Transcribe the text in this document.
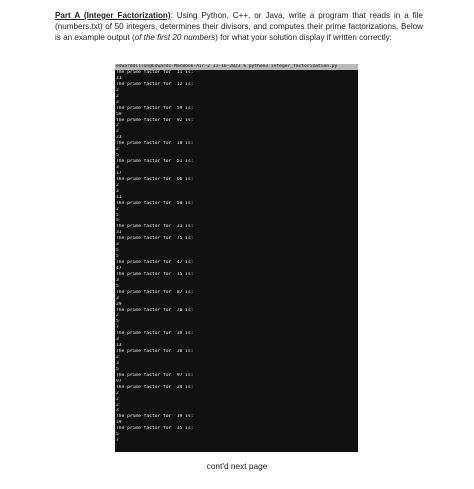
Part A (Integer Factorization): Using Python, C++, or Java, write a program that reads in a file (numbers.txt) of 50 integers, determines their divisors, and computes their prime factorizations. Below is an example output (of the first 20 numbers) for what your solution display if written correctly:

edwarddillon@Edwards-MacBook-Air-2 11-16-2023 % python3 integer_factorization.py
The prime factor for  11 is:
11
The prime factor for  12 is:
2
2
3
The prime factor for  59 is:
59
The prime factor for  92 is:
2
2
23
The prime factor for  10 is:
2
5
The prime factor for  51 is:
3
17
The prime factor for  66 is:
2
3
11
The prime factor for  50 is:
2
5
5
The prime factor for  31 is:
31
The prime factor for  75 is:
3
5
5
The prime factor for  47 is:
47
The prime factor for  15 is:
3
5
The prime factor for  87 is:
3
29
The prime factor for  70 is:
2
5
7
The prime factor for  39 is:
3
13
The prime factor for  30 is:
2
3
5
The prime factor for  97 is:
97
The prime factor for  24 is:
2
2
2
3
The prime factor for  19 is:
19
The prime factor for  35 is:
5
7
cont'd next page
